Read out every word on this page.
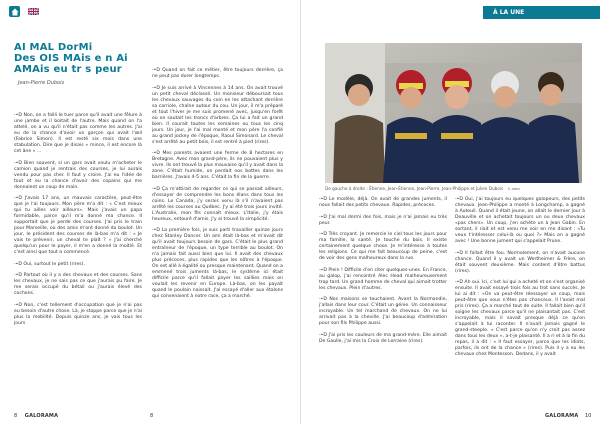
AI MAL DorMi
Des OIS MAis e n Ai
AMAis eu tr s peur
Jean-Pierre Dubois

-•D Non, on a failli le tuer parce qu'il avait une fêlure à une jambe et il boitait de l'autre. Mais quand on l'a attelé, on a vu qu'il n'était pas comme les autres. J'ai eu de la chance d'avoir un garçon qui avait l'œil (Fabrice Simon). Il est resté six mois dans une stabulation. Dire que je disais « mince, il est encore là cet âne » ...

-•D Bien souvent, si un gars avait voulu m'acheter le camion quand je rentrais des courses, je lui aurais vendu pour pas cher. Il faut y croire. J'ai eu l'idée de tout et eu la chance d'avoir des copains qui me donnaient un coup de main.

-•D J'avais 17 ans, un mauvais caractère, peut-être que je l'ai toujours. Mon père m'a dit : « C'est mieux qui tu ailles voir ailleurs». Mais j'avais un papa formidable, parce qu'il m'a donné ma chance. Il supportait que je perde des courses. J'ai pris le train pour Marseille, où des amis m'ont donné du boulot. Un jour, le président des courses de là-bas m'a dit : « Je vais te prévenir, un cheval te plaît ? » J'ai cherché quelqu'un pour le payer, il m'en a donné la moitié. Et c'est ainsi que tout a commencé.

-•D Oui, surtout le petit (rires).

-•D Partout où il y a des chevaux et des courses. Sans les chevaux, je ne sais pas ce que j'aurais pu faire. Je me serais occupé du bétail ou j'aurais élevé des cochons.

-•D Non, c'est tellement d'occupation que je n'ai pas eu besoin d'autre chose. Là, je stoppe parce que je n'ai plus la mobilité. Depuis quinze ans, je vais tous les jours

-•D Quand on fait ce métier, être toujours derrière, ça ne peut pas durer longtemps.

-•D Je suis arrivé à Vincennes à 14 ans. On avait trouvé un petit cheval déclassé. Un monsieur déboursait tous les chevaux sauvages du coin en les attachant derrière sa carriole, chaîne autour du cou. Un jour, il m'a préparé et tout l'hiver je me suis promené avec, jusqu'en forêt où on sautait les troncs d'arbres. Ça lui a fait un grand bien. Il courait toutes les semaines ou tous les cinq jours. Un jour, je l'ai mal monté et mon père l'a confié au grand jockey de l'époque, Raoul Simonard. Le cheval s'est arrêté au petit bois, il est rentré à pied (rires).

-•D Mes parents avaient une ferme de 8 hectares en Bretagne. Avec mon grand-père, ils ne pouvaient plus y vivre. Ils ont trouvé la plus mauvaise qu'il y avait dans la zone. C'était humide, on perdait nos bottes dans les barrières. J'avais 4-5 ans. C'était la fin de la guerre.

-•D Ça m'attirait de regarder ce qui se passait ailleurs, d'essayer de comprendre les bons élans dans tous les coins. Le Canada, j'y serais venu là s'il n'avaient pas arrêté les courses au Québec. J'y ai été trois jours invité. L'Australie, mon fils connaît mieux. L'Italie, j'y étais heureux, entouré d'amis. J'y ai trouvé la simplicité.

-•D La première fois, je suis parti travailler quinze jours chez Stanley Dancer. Un ami était là-bas et m'avait dit qu'il avait toujours besoin de gars. C'était le plus grand entraîneur de l'époque, un type terrible au boulot. On n'a jamais fait aussi bien que lui. Il avait des chevaux plus précoces, plus rapides que les nôtres à l'époque. On est allé à égalité ou presque maintenant. Quand on a emmené trois juments là-bas, le système ici était difficile parce qu'il fallait payer les saillies mais on voulait les revenir en Europe. Là-bas, on les payait quand le poulain naissait. J'ai essayé d'aller aux étalons qui convenaient à notre race, ça a marché.

8 GALORAMA	8
À LA UNE
De gauche à droite : Étienne, Jean-Étienne, Jean-Pierre, Jean-Philippe et Julien Dubois © APRH

-•D Le modèle, déjà. On avait de grandes juments, il nous fallait des petits chevaux. Rapides, précoces.

-•D J'ai mal dormi des fois, mais je n'ai jamais eu très peur.

-•D Très croyant. Je remercie le ciel tous les jours pour ma famille, la santé. Je touche du bois. Il existe certainement quelque chose. Je m'intéresse à toutes les religions. Ce qui me fait beaucoup de peine, c'est de voir des gens malheureux dans la rue.

-•D Plein ! Difficile d'en citer quelques-unes. En France, au galop, j'ai rencontré Alec Head malheureusement trop tard. Un grand homme de cheval qui aimait trotter les chevaux. Plein d'autres.

-•D Nos maisons se touchaient. Avant la Normandie, j'allais dans leur cour. C'était un génie. Un connaisseur incroyable. Un tel marchand de chevaux. On ne lui arrivait pas à la cheville. J'ai beaucoup d'admiration pour son fils Philippe aussi.

-•D J'ai pris les couleurs de ma grand-mère. Elle aimait De Gaulle, j'ai mis la Croix de Lorraine (rires).

-•D Oui, j'ai toujours eu quelques galopeurs, des petits chevaux. Jean-Philippe a monté à Longchamp, a gagné à Auteuil. Quand il était jeune, on allait le dernier jour à Deauville et on achetait toujours un ou deux chevaux «pas chers». Un coup, j'en achète un à Jean Gabin. En sortant, il riait et est venu me voir en me disant : «Tu veux t'intéresser celui-là ou quoi ?» Mais on a gagné avec ! Une bonne jument qui s'appelait Prune.

-•D Il fallait être fou. Normalement, on n'avait aucune chance. Quand il y avait un Wertheimer & Frère, on était souvent deuxième. Mais content d'être battus (rires).

-•D Ah oui. Ici, c'est lui qui a acheté et on s'est organisé ensuite. Il avait essayé trois fois au trot sans succès. Je lui ai dit : «On va peut-être réessayer un coup, mais peut-être que vous n'êtes pas chanceux. Il l'avait mal pris (rires). Ça a marché tout de suite. Il fallait bien qu'il soigne les chevaux parce qu'il ne plaisantait pas. C'est incroyable, mais il savait presque déjà ce qu'on s'appelait à lui raconter. Il n'avait jamais gagné le grand-steeple. « C'est parce qu'on n'y croit pas assez dans tous les deux », a-t-je plaisanté. Il a ri et à la fin du repas, il a dit : « Il faut essayer, parce que les idiots, parfois, ils ont de la chance » (rires). Puis il y a eu les chevaux chez Montesson. Dedans, il y avait

GALORAMA 10
